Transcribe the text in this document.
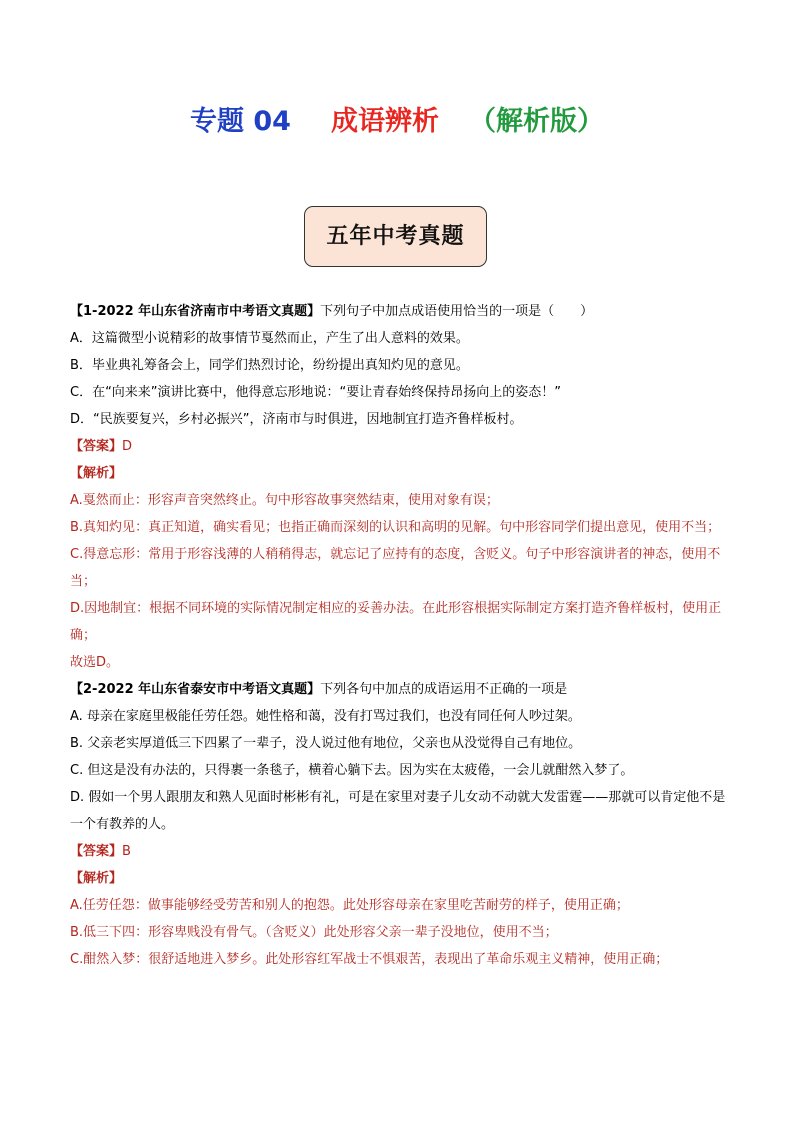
专题 04 成语辨析 （解析版）
五年中考真题
【1-2022 年山东省济南市中考语文真题】下列句子中加点成语使用恰当的一项是（　　）
A．这篇微型小说精彩的故事情节戛然而止，产生了出人意料的效果。
B．毕业典礼筹备会上，同学们热烈讨论，纷纷提出真知灼见的意见。
C．在“向来来”演讲比赛中，他得意忘形地说：“要让青春始终保持昂扬向上的姿态！”
D．“民族要复兴，乡村必振兴”，济南市与时俱进，因地制宜打造齐鲁样板村。
【答案】D
【解析】
A.戛然而止：形容声音突然终止。句中形容故事突然结束，使用对象有误；
B.真知灼见：真正知道，确实看见；也指正确而深刻的认识和高明的见解。句中形容同学们提出意见，使用不当；
C.得意忘形：常用于形容浅薄的人稍稍得志，就忘记了应持有的态度，含贬义。句子中形容演讲者的神态，使用不当；
D.因地制宜：根据不同环境的实际情况制定相应的妥善办法。在此形容根据实际制定方案打造齐鲁样板村，使用正确；
故选D。
【2-2022 年山东省泰安市中考语文真题】下列各句中加点的成语运用不正确的一项是
A. 母亲在家庭里极能任劳任怨。她性格和蔼，没有打骂过我们，也没有同任何人吵过架。
B. 父亲老实厚道低三下四累了一辈子，没人说过他有地位，父亲也从没觉得自己有地位。
C. 但这是没有办法的，只得裹一条毯子，横着心躺下去。因为实在太疲倦，一会儿就酣然入梦了。
D. 假如一个男人跟朋友和熟人见面时彬彬有礼，可是在家里对妻子儿女动不动就大发雷霆——那就可以肯定他不是一个有教养的人。
【答案】B
【解析】
A.任劳任怨：做事能够经受劳苦和别人的抱怨。此处形容母亲在家里吃苦耐劳的样子，使用正确；
B.低三下四：形容卑贱没有骨气。（含贬义）此处形容父亲一辈子没地位，使用不当；
C.酣然入梦：很舒适地进入梦乡。此处形容红军战士不惧艰苦，表现出了革命乐观主义精神，使用正确；
